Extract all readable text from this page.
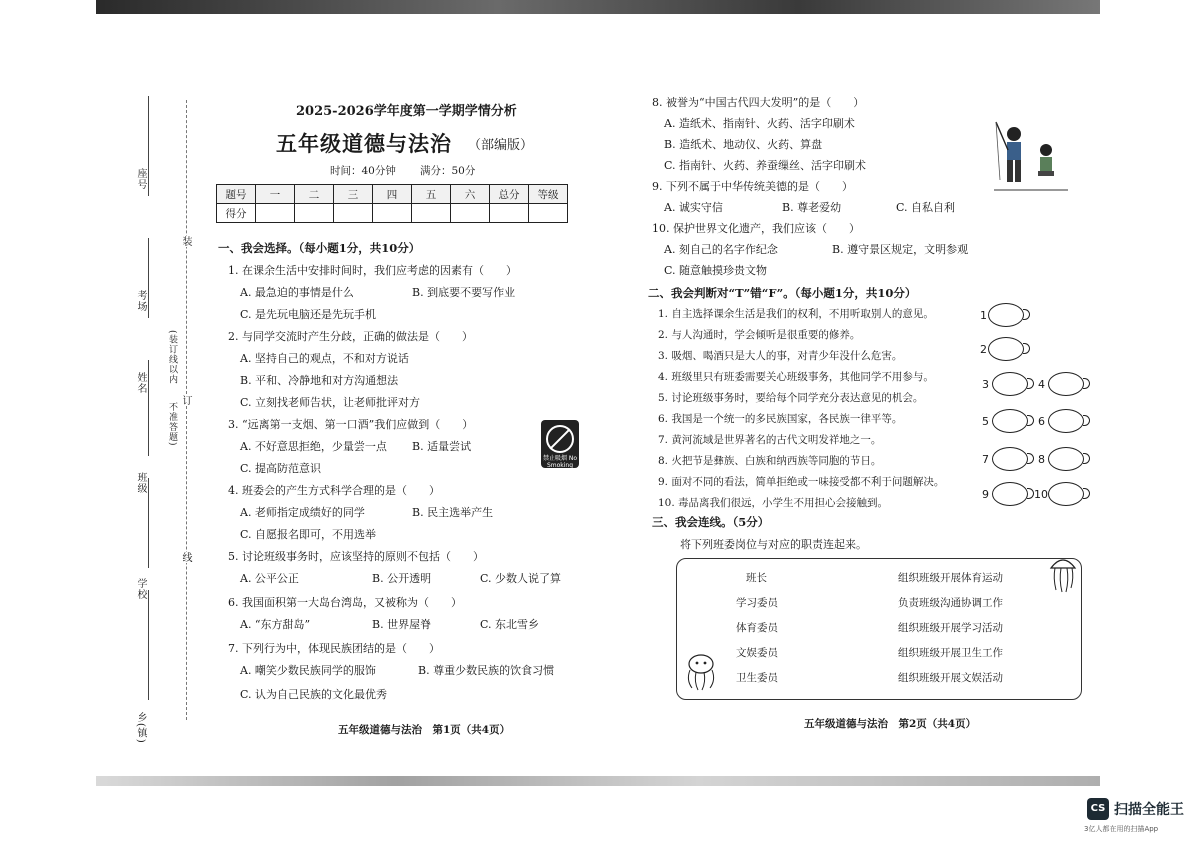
座号
考场
姓名
班级
学校
乡(镇)
装
订
线
(装订线以内
不准答题)
2025-2026学年度第一学期学情分析
五年级道德与法治 （部编版）
时间：40分钟 满分：50分
题号	一	二	三	四	五	六	总分	等级
得分								
一、我会选择。（每小题1分，共10分）
1. 在课余生活中安排时间时，我们应考虑的因素有（　　）
A. 最急迫的事情是什么	B. 到底要不要写作业
C. 是先玩电脑还是先玩手机
2. 与同学交流时产生分歧，正确的做法是（　　）
A. 坚持自己的观点，不和对方说话
B. 平和、冷静地和对方沟通想法
C. 立刻找老师告状，让老师批评对方
3. “远离第一支烟、第一口酒”我们应做到（　　）
A. 不好意思拒绝，少量尝一点 B. 适量尝试
C. 提高防范意识
禁止吸烟 No Smoking
4. 班委会的产生方式科学合理的是（　　）
A. 老师指定成绩好的同学	B. 民主选举产生
C. 自愿报名即可，不用选举
5. 讨论班级事务时，应该坚持的原则不包括（　　）
A. 公平公正	B. 公开透明	C. 少数人说了算
6. 我国面积第一大岛台湾岛，又被称为（　　）
A. “东方甜岛”	B. 世界屋脊	C. 东北雪乡
7. 下列行为中，体现民族团结的是（　　）
A. 嘲笑少数民族同学的服饰	B. 尊重少数民族的饮食习惯
C. 认为自己民族的文化最优秀
五年级道德与法治　第1页（共4页）
8. 被誉为“中国古代四大发明”的是（　　）
A. 造纸术、指南针、火药、活字印刷术
B. 造纸术、地动仪、火药、算盘
C. 指南针、火药、养蚕缫丝、活字印刷术
9. 下列不属于中华传统美德的是（　　）
A. 诚实守信	B. 尊老爱幼	C. 自私自利
10. 保护世界文化遗产，我们应该（　　）
A. 刻自己的名字作纪念	B. 遵守景区规定，文明参观
C. 随意触摸珍贵文物
二、我会判断对“T”错“F”。（每小题1分，共10分）
1. 自主选择课余生活是我们的权利，不用听取别人的意见。
2. 与人沟通时，学会倾听是很重要的修养。
3. 吸烟、喝酒只是大人的事，对青少年没什么危害。
4. 班级里只有班委需要关心班级事务，其他同学不用参与。
5. 讨论班级事务时，要给每个同学充分表达意见的机会。
6. 我国是一个统一的多民族国家，各民族一律平等。
7. 黄河流域是世界著名的古代文明发祥地之一。
8. 火把节是彝族、白族和纳西族等同胞的节日。
9. 面对不同的看法，简单拒绝或一味接受都不利于问题解决。
10. 毒品离我们很远，小学生不用担心会接触到。
1
2
3	4
5	6
7	8
9	10
三、我会连线。（5分）
将下列班委岗位与对应的职责连起来。
班长
学习委员
体育委员
文娱委员
卫生委员
组织班级开展体育运动
负责班级沟通协调工作
组织班级开展学习活动
组织班级开展卫生工作
组织班级开展文娱活动
五年级道德与法治　第2页（共4页）
CS 扫描全能王
3亿人都在用的扫描App
